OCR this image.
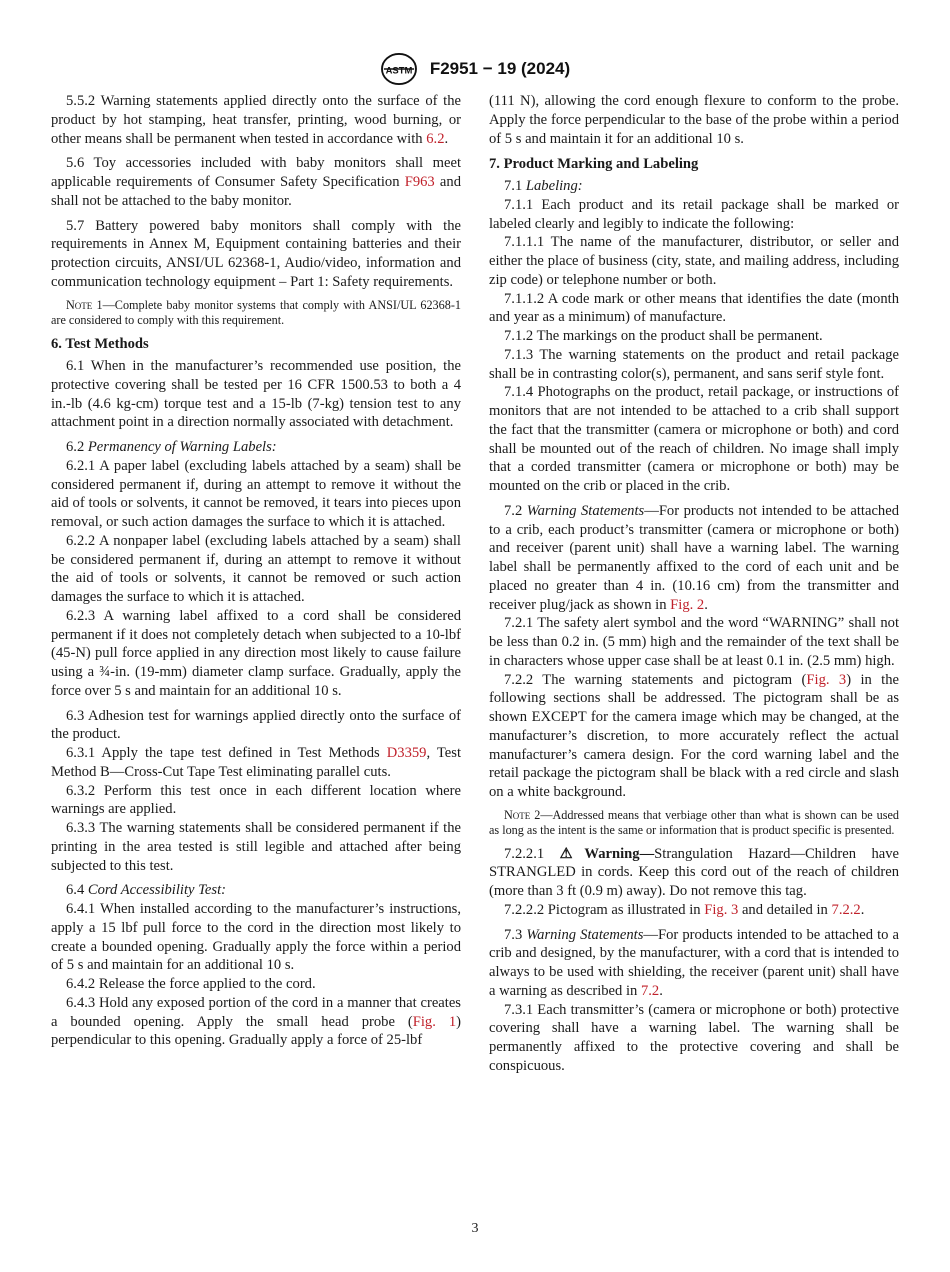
ASTM F2951 − 19 (2024)

5.5.2 Warning statements applied directly onto the surface of the product by hot stamping, heat transfer, printing, wood burning, or other means shall be permanent when tested in accordance with 6.2.

5.6 Toy accessories included with baby monitors shall meet applicable requirements of Consumer Safety Specification F963 and shall not be attached to the baby monitor.

5.7 Battery powered baby monitors shall comply with the requirements in Annex M, Equipment containing batteries and their protection circuits, ANSI/UL 62368-1, Audio/video, information and communication technology equipment – Part 1: Safety requirements.

Note 1—Complete baby monitor systems that comply with ANSI/UL 62368-1 are considered to comply with this requirement.

6. Test Methods

6.1 When in the manufacturer’s recommended use position, the protective covering shall be tested per 16 CFR 1500.53 to both a 4 in.-lb (4.6 kg-cm) torque test and a 15-lb (7-kg) tension test to any attachment point in a direction normally associated with detachment.

6.2 Permanency of Warning Labels:

6.2.1 A paper label (excluding labels attached by a seam) shall be considered permanent if, during an attempt to remove it without the aid of tools or solvents, it cannot be removed, it tears into pieces upon removal, or such action damages the surface to which it is attached.

6.2.2 A nonpaper label (excluding labels attached by a seam) shall be considered permanent if, during an attempt to remove it without the aid of tools or solvents, it cannot be removed or such action damages the surface to which it is attached.

6.2.3 A warning label affixed to a cord shall be considered permanent if it does not completely detach when subjected to a 10-lbf (45-N) pull force applied in any direction most likely to cause failure using a ¾-in. (19-mm) diameter clamp surface. Gradually, apply the force over 5 s and maintain for an additional 10 s.

6.3 Adhesion test for warnings applied directly onto the surface of the product.

6.3.1 Apply the tape test defined in Test Methods D3359, Test Method B—Cross-Cut Tape Test eliminating parallel cuts.

6.3.2 Perform this test once in each different location where warnings are applied.

6.3.3 The warning statements shall be considered permanent if the printing in the area tested is still legible and attached after being subjected to this test.

6.4 Cord Accessibility Test:

6.4.1 When installed according to the manufacturer’s instructions, apply a 15 lbf pull force to the cord in the direction most likely to create a bounded opening. Gradually apply the force within a period of 5 s and maintain for an additional 10 s.

6.4.2 Release the force applied to the cord.

6.4.3 Hold any exposed portion of the cord in a manner that creates a bounded opening. Apply the small head probe (Fig. 1) perpendicular to this opening. Gradually apply a force of 25-lbf

(111 N), allowing the cord enough flexure to conform to the probe. Apply the force perpendicular to the base of the probe within a period of 5 s and maintain it for an additional 10 s.

7. Product Marking and Labeling

7.1 Labeling:

7.1.1 Each product and its retail package shall be marked or labeled clearly and legibly to indicate the following:

7.1.1.1 The name of the manufacturer, distributor, or seller and either the place of business (city, state, and mailing address, including zip code) or telephone number or both.

7.1.1.2 A code mark or other means that identifies the date (month and year as a minimum) of manufacture.

7.1.2 The markings on the product shall be permanent.

7.1.3 The warning statements on the product and retail package shall be in contrasting color(s), permanent, and sans serif style font.

7.1.4 Photographs on the product, retail package, or instructions of monitors that are not intended to be attached to a crib shall support the fact that the transmitter (camera or microphone or both) and cord shall be mounted out of the reach of children. No image shall imply that a corded transmitter (camera or microphone or both) may be mounted on the crib or placed in the crib.

7.2 Warning Statements—For products not intended to be attached to a crib, each product’s transmitter (camera or microphone or both) and receiver (parent unit) shall have a warning label. The warning label shall be permanently affixed to the cord of each unit and be placed no greater than 4 in. (10.16 cm) from the transmitter and receiver plug/jack as shown in Fig. 2.

7.2.1 The safety alert symbol and the word “WARNING” shall not be less than 0.2 in. (5 mm) high and the remainder of the text shall be in characters whose upper case shall be at least 0.1 in. (2.5 mm) high.

7.2.2 The warning statements and pictogram (Fig. 3) in the following sections shall be addressed. The pictogram shall be as shown EXCEPT for the camera image which may be changed, at the manufacturer’s discretion, to more accurately reflect the actual manufacturer’s camera design. For the cord warning label and the retail package the pictogram shall be black with a red circle and slash on a white background.

Note 2—Addressed means that verbiage other than what is shown can be used as long as the intent is the same or information that is product specific is presented.

7.2.2.1 ⚠Warning—Strangulation Hazard—Children have STRANGLED in cords. Keep this cord out of the reach of children (more than 3 ft (0.9 m) away). Do not remove this tag.

7.2.2.2 Pictogram as illustrated in Fig. 3 and detailed in 7.2.2.

7.3 Warning Statements—For products intended to be attached to a crib and designed, by the manufacturer, with a cord that is intended to always to be used with shielding, the receiver (parent unit) shall have a warning as described in 7.2.

7.3.1 Each transmitter’s (camera or microphone or both) protective covering shall have a warning label. The warning shall be permanently affixed to the protective covering and shall be conspicuous.

3
